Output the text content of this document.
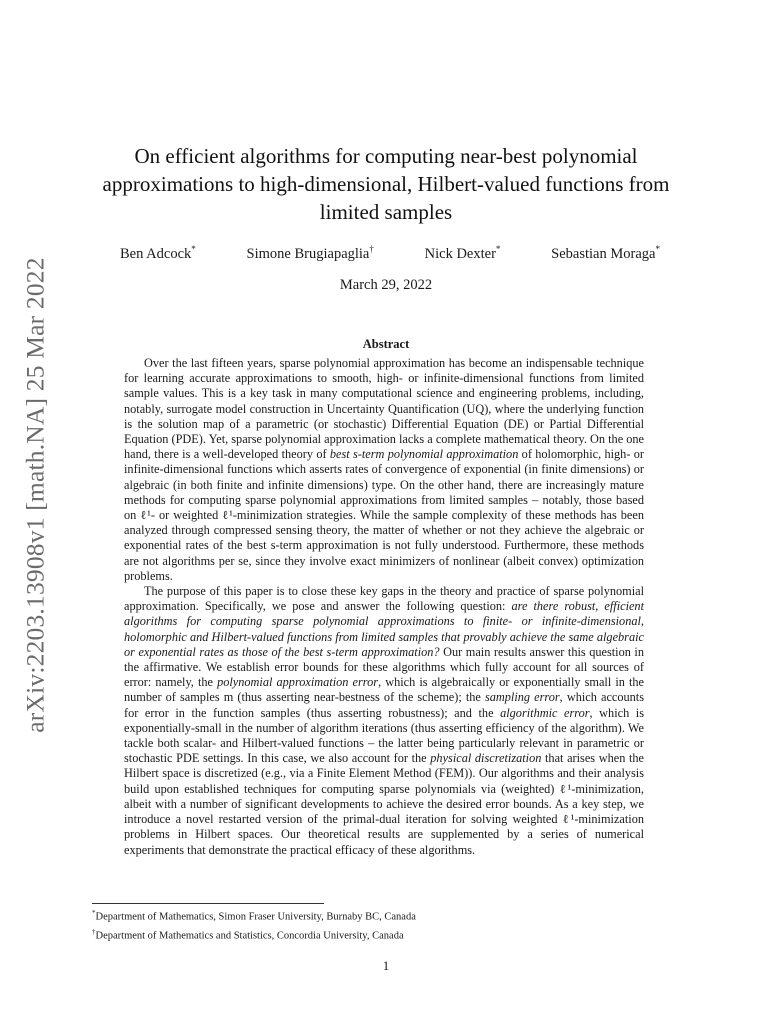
arXiv:2203.13908v1 [math.NA] 25 Mar 2022
On efficient algorithms for computing near-best polynomial approximations to high-dimensional, Hilbert-valued functions from limited samples
Ben Adcock*	Simone Brugiapaglia†	Nick Dexter*	Sebastian Moraga*
March 29, 2022
Abstract

Over the last fifteen years, sparse polynomial approximation has become an indispensable technique for learning accurate approximations to smooth, high- or infinite-dimensional functions from limited sample values. This is a key task in many computational science and engineering problems, including, notably, surrogate model construction in Uncertainty Quantification (UQ), where the underlying function is the solution map of a parametric (or stochastic) Differential Equation (DE) or Partial Differential Equation (PDE). Yet, sparse polynomial approximation lacks a complete mathematical theory. On the one hand, there is a well-developed theory of best s-term polynomial approximation of holomorphic, high- or infinite-dimensional functions which asserts rates of convergence of exponential (in finite dimensions) or algebraic (in both finite and infinite dimensions) type. On the other hand, there are increasingly mature methods for computing sparse polynomial approximations from limited samples – notably, those based on ℓ¹- or weighted ℓ¹-minimization strategies. While the sample complexity of these methods has been analyzed through compressed sensing theory, the matter of whether or not they achieve the algebraic or exponential rates of the best s-term approximation is not fully understood. Furthermore, these methods are not algorithms per se, since they involve exact minimizers of nonlinear (albeit convex) optimization problems.

The purpose of this paper is to close these key gaps in the theory and practice of sparse polynomial approximation. Specifically, we pose and answer the following question: are there robust, efficient algorithms for computing sparse polynomial approximations to finite- or infinite-dimensional, holomorphic and Hilbert-valued functions from limited samples that provably achieve the same algebraic or exponential rates as those of the best s-term approximation? Our main results answer this question in the affirmative. We establish error bounds for these algorithms which fully account for all sources of error: namely, the polynomial approximation error, which is algebraically or exponentially small in the number of samples m (thus asserting near-bestness of the scheme); the sampling error, which accounts for error in the function samples (thus asserting robustness); and the algorithmic error, which is exponentially-small in the number of algorithm iterations (thus asserting efficiency of the algorithm). We tackle both scalar- and Hilbert-valued functions – the latter being particularly relevant in parametric or stochastic PDE settings. In this case, we also account for the physical discretization that arises when the Hilbert space is discretized (e.g., via a Finite Element Method (FEM)). Our algorithms and their analysis build upon established techniques for computing sparse polynomials via (weighted) ℓ¹-minimization, albeit with a number of significant developments to achieve the desired error bounds. As a key step, we introduce a novel restarted version of the primal-dual iteration for solving weighted ℓ¹-minimization problems in Hilbert spaces. Our theoretical results are supplemented by a series of numerical experiments that demonstrate the practical efficacy of these algorithms.

*Department of Mathematics, Simon Fraser University, Burnaby BC, Canada
†Department of Mathematics and Statistics, Concordia University, Canada
1
